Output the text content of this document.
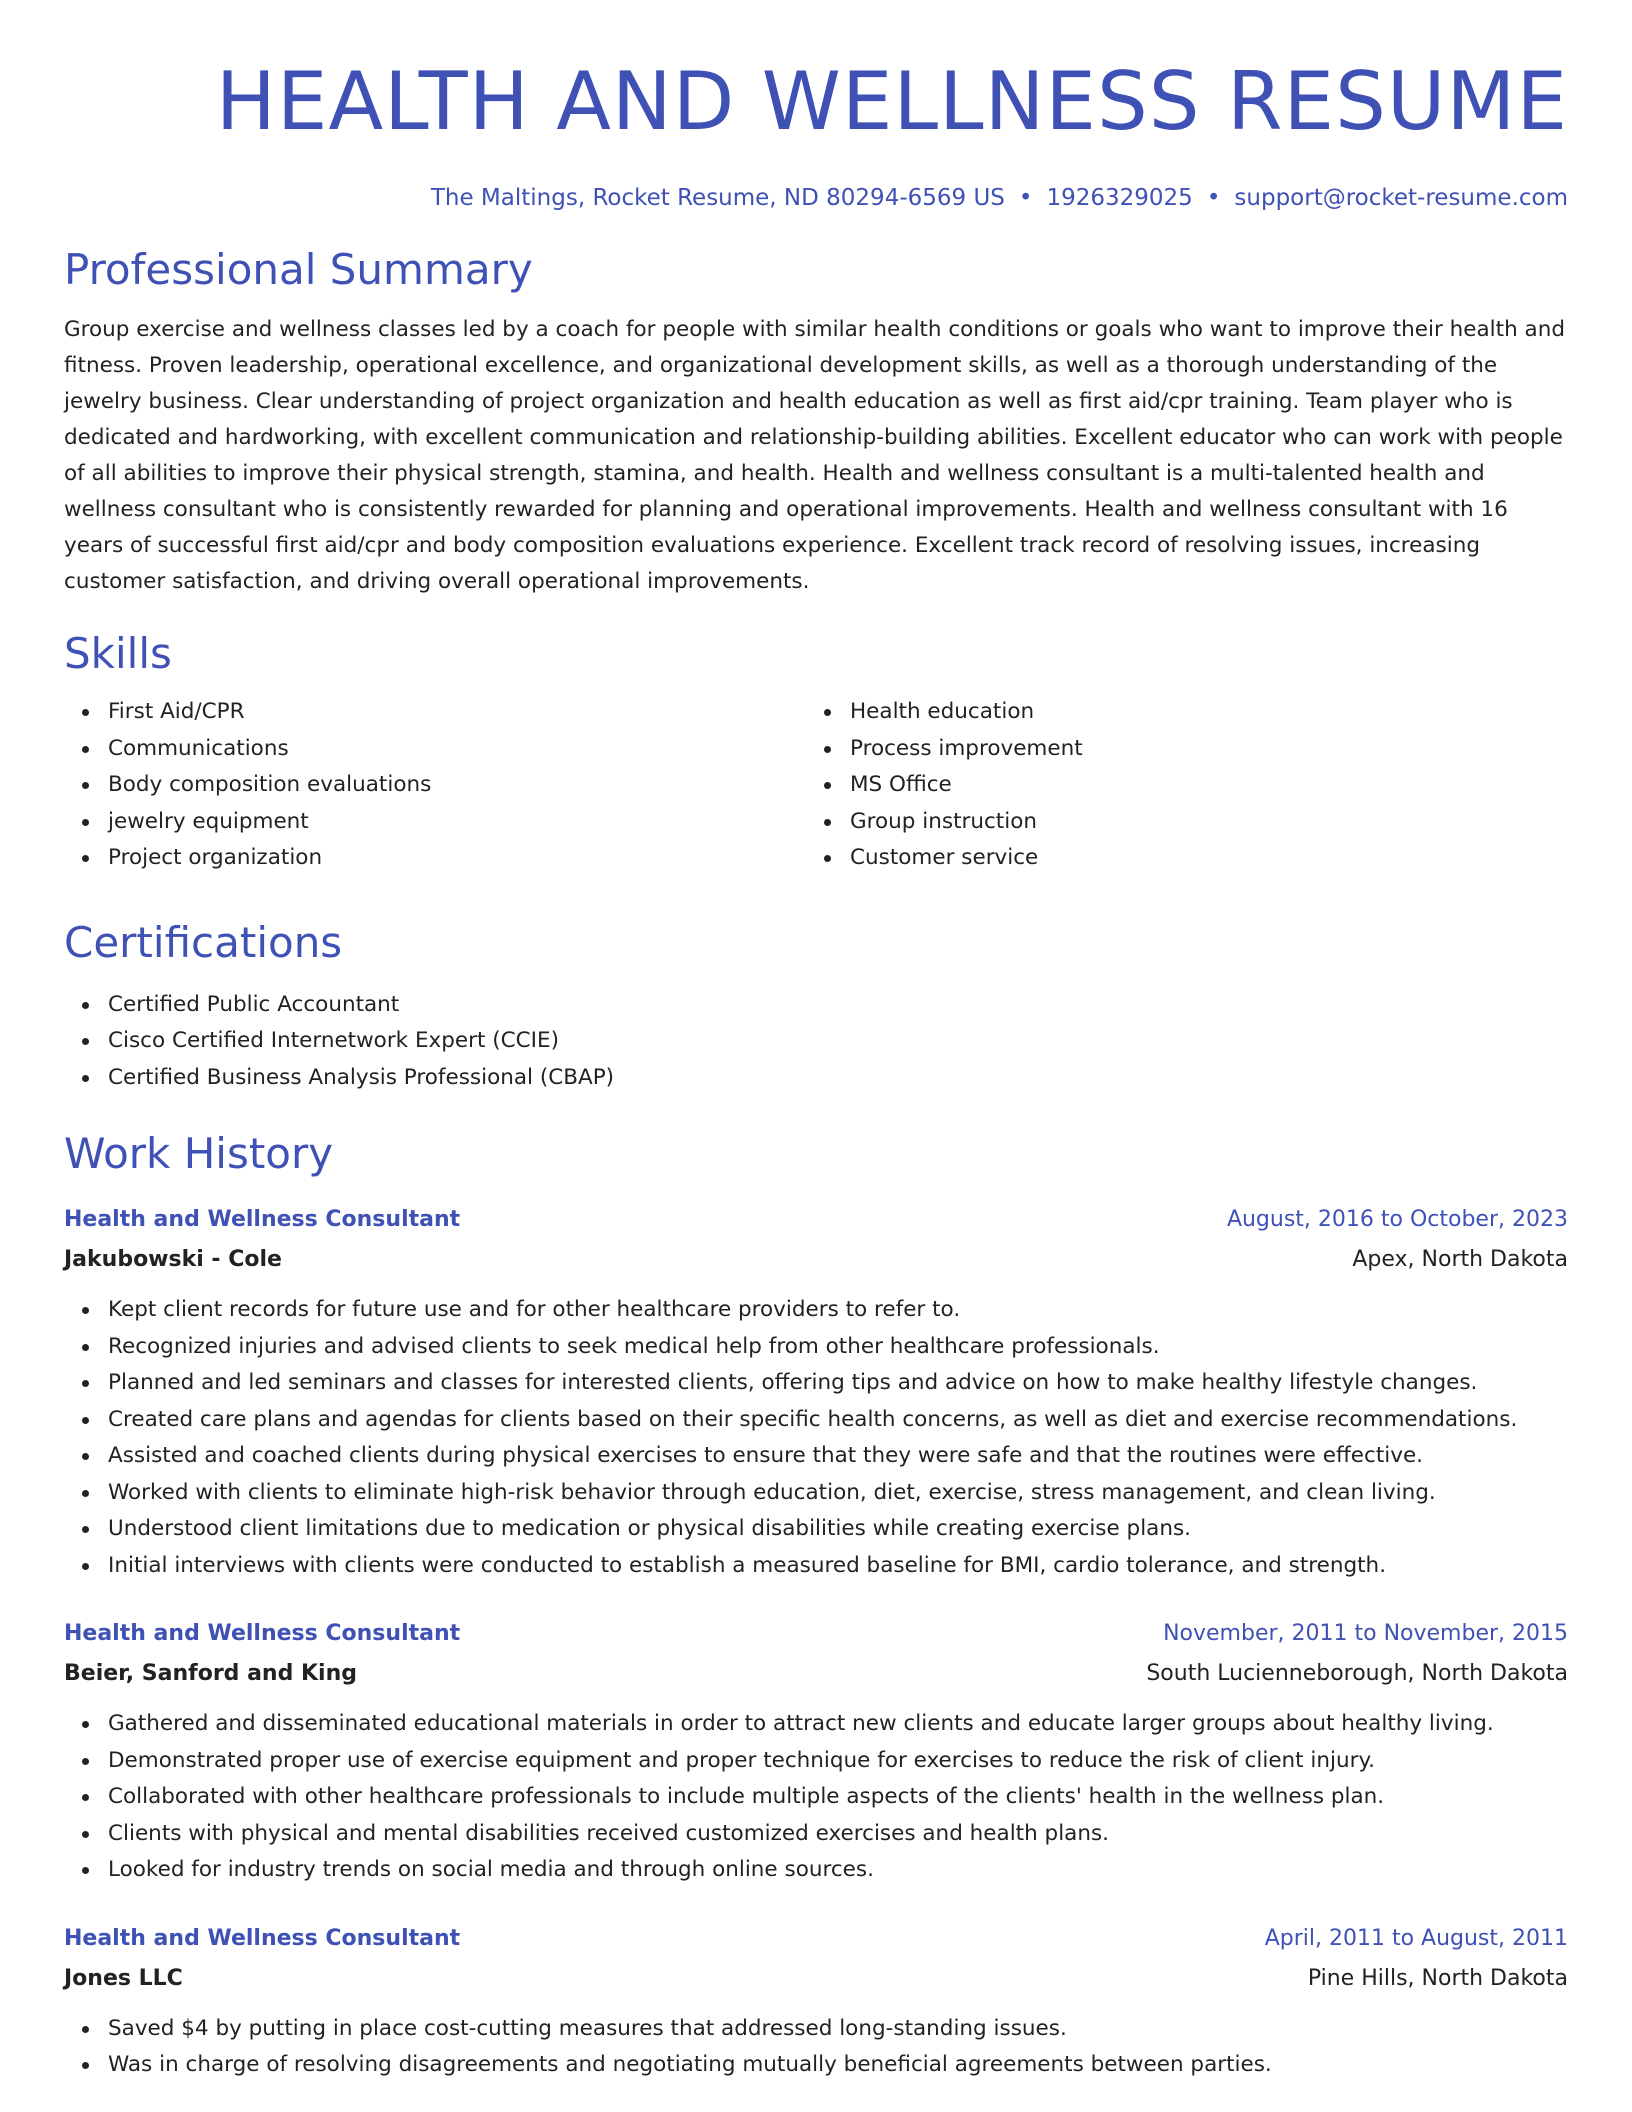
HEALTH AND WELLNESS RESUME
The Maltings, Rocket Resume, ND 80294-6569 US • 1926329025 • support@rocket-resume.com
Professional Summary

Group exercise and wellness classes led by a coach for people with similar health conditions or goals who want to improve their health and fitness. Proven leadership, operational excellence, and organizational development skills, as well as a thorough understanding of the jewelry business. Clear understanding of project organization and health education as well as first aid/cpr training. Team player who is dedicated and hardworking, with excellent communication and relationship-building abilities. Excellent educator who can work with people of all abilities to improve their physical strength, stamina, and health. Health and wellness consultant is a multi-talented health and wellness consultant who is consistently rewarded for planning and operational improvements. Health and wellness consultant with 16 years of successful first aid/cpr and body composition evaluations experience. Excellent track record of resolving issues, increasing customer satisfaction, and driving overall operational improvements.

Skills
First Aid/CPR
Communications
Body composition evaluations
jewelry equipment
Project organization
Health education
Process improvement
MS Office
Group instruction
Customer service
Certifications
Certified Public Accountant
Cisco Certified Internetwork Expert (CCIE)
Certified Business Analysis Professional (CBAP)
Work History
Health and Wellness Consultant	August, 2016 to October, 2023
Jakubowski - Cole	Apex, North Dakota
Kept client records for future use and for other healthcare providers to refer to.
Recognized injuries and advised clients to seek medical help from other healthcare professionals.
Planned and led seminars and classes for interested clients, offering tips and advice on how to make healthy lifestyle changes.
Created care plans and agendas for clients based on their specific health concerns, as well as diet and exercise recommendations.
Assisted and coached clients during physical exercises to ensure that they were safe and that the routines were effective.
Worked with clients to eliminate high-risk behavior through education, diet, exercise, stress management, and clean living.
Understood client limitations due to medication or physical disabilities while creating exercise plans.
Initial interviews with clients were conducted to establish a measured baseline for BMI, cardio tolerance, and strength.
Health and Wellness Consultant	November, 2011 to November, 2015
Beier, Sanford and King	South Lucienneborough, North Dakota
Gathered and disseminated educational materials in order to attract new clients and educate larger groups about healthy living.
Demonstrated proper use of exercise equipment and proper technique for exercises to reduce the risk of client injury.
Collaborated with other healthcare professionals to include multiple aspects of the clients' health in the wellness plan.
Clients with physical and mental disabilities received customized exercises and health plans.
Looked for industry trends on social media and through online sources.
Health and Wellness Consultant	April, 2011 to August, 2011
Jones LLC	Pine Hills, North Dakota
Saved $4 by putting in place cost-cutting measures that addressed long-standing issues.
Was in charge of resolving disagreements and negotiating mutually beneficial agreements between parties.
